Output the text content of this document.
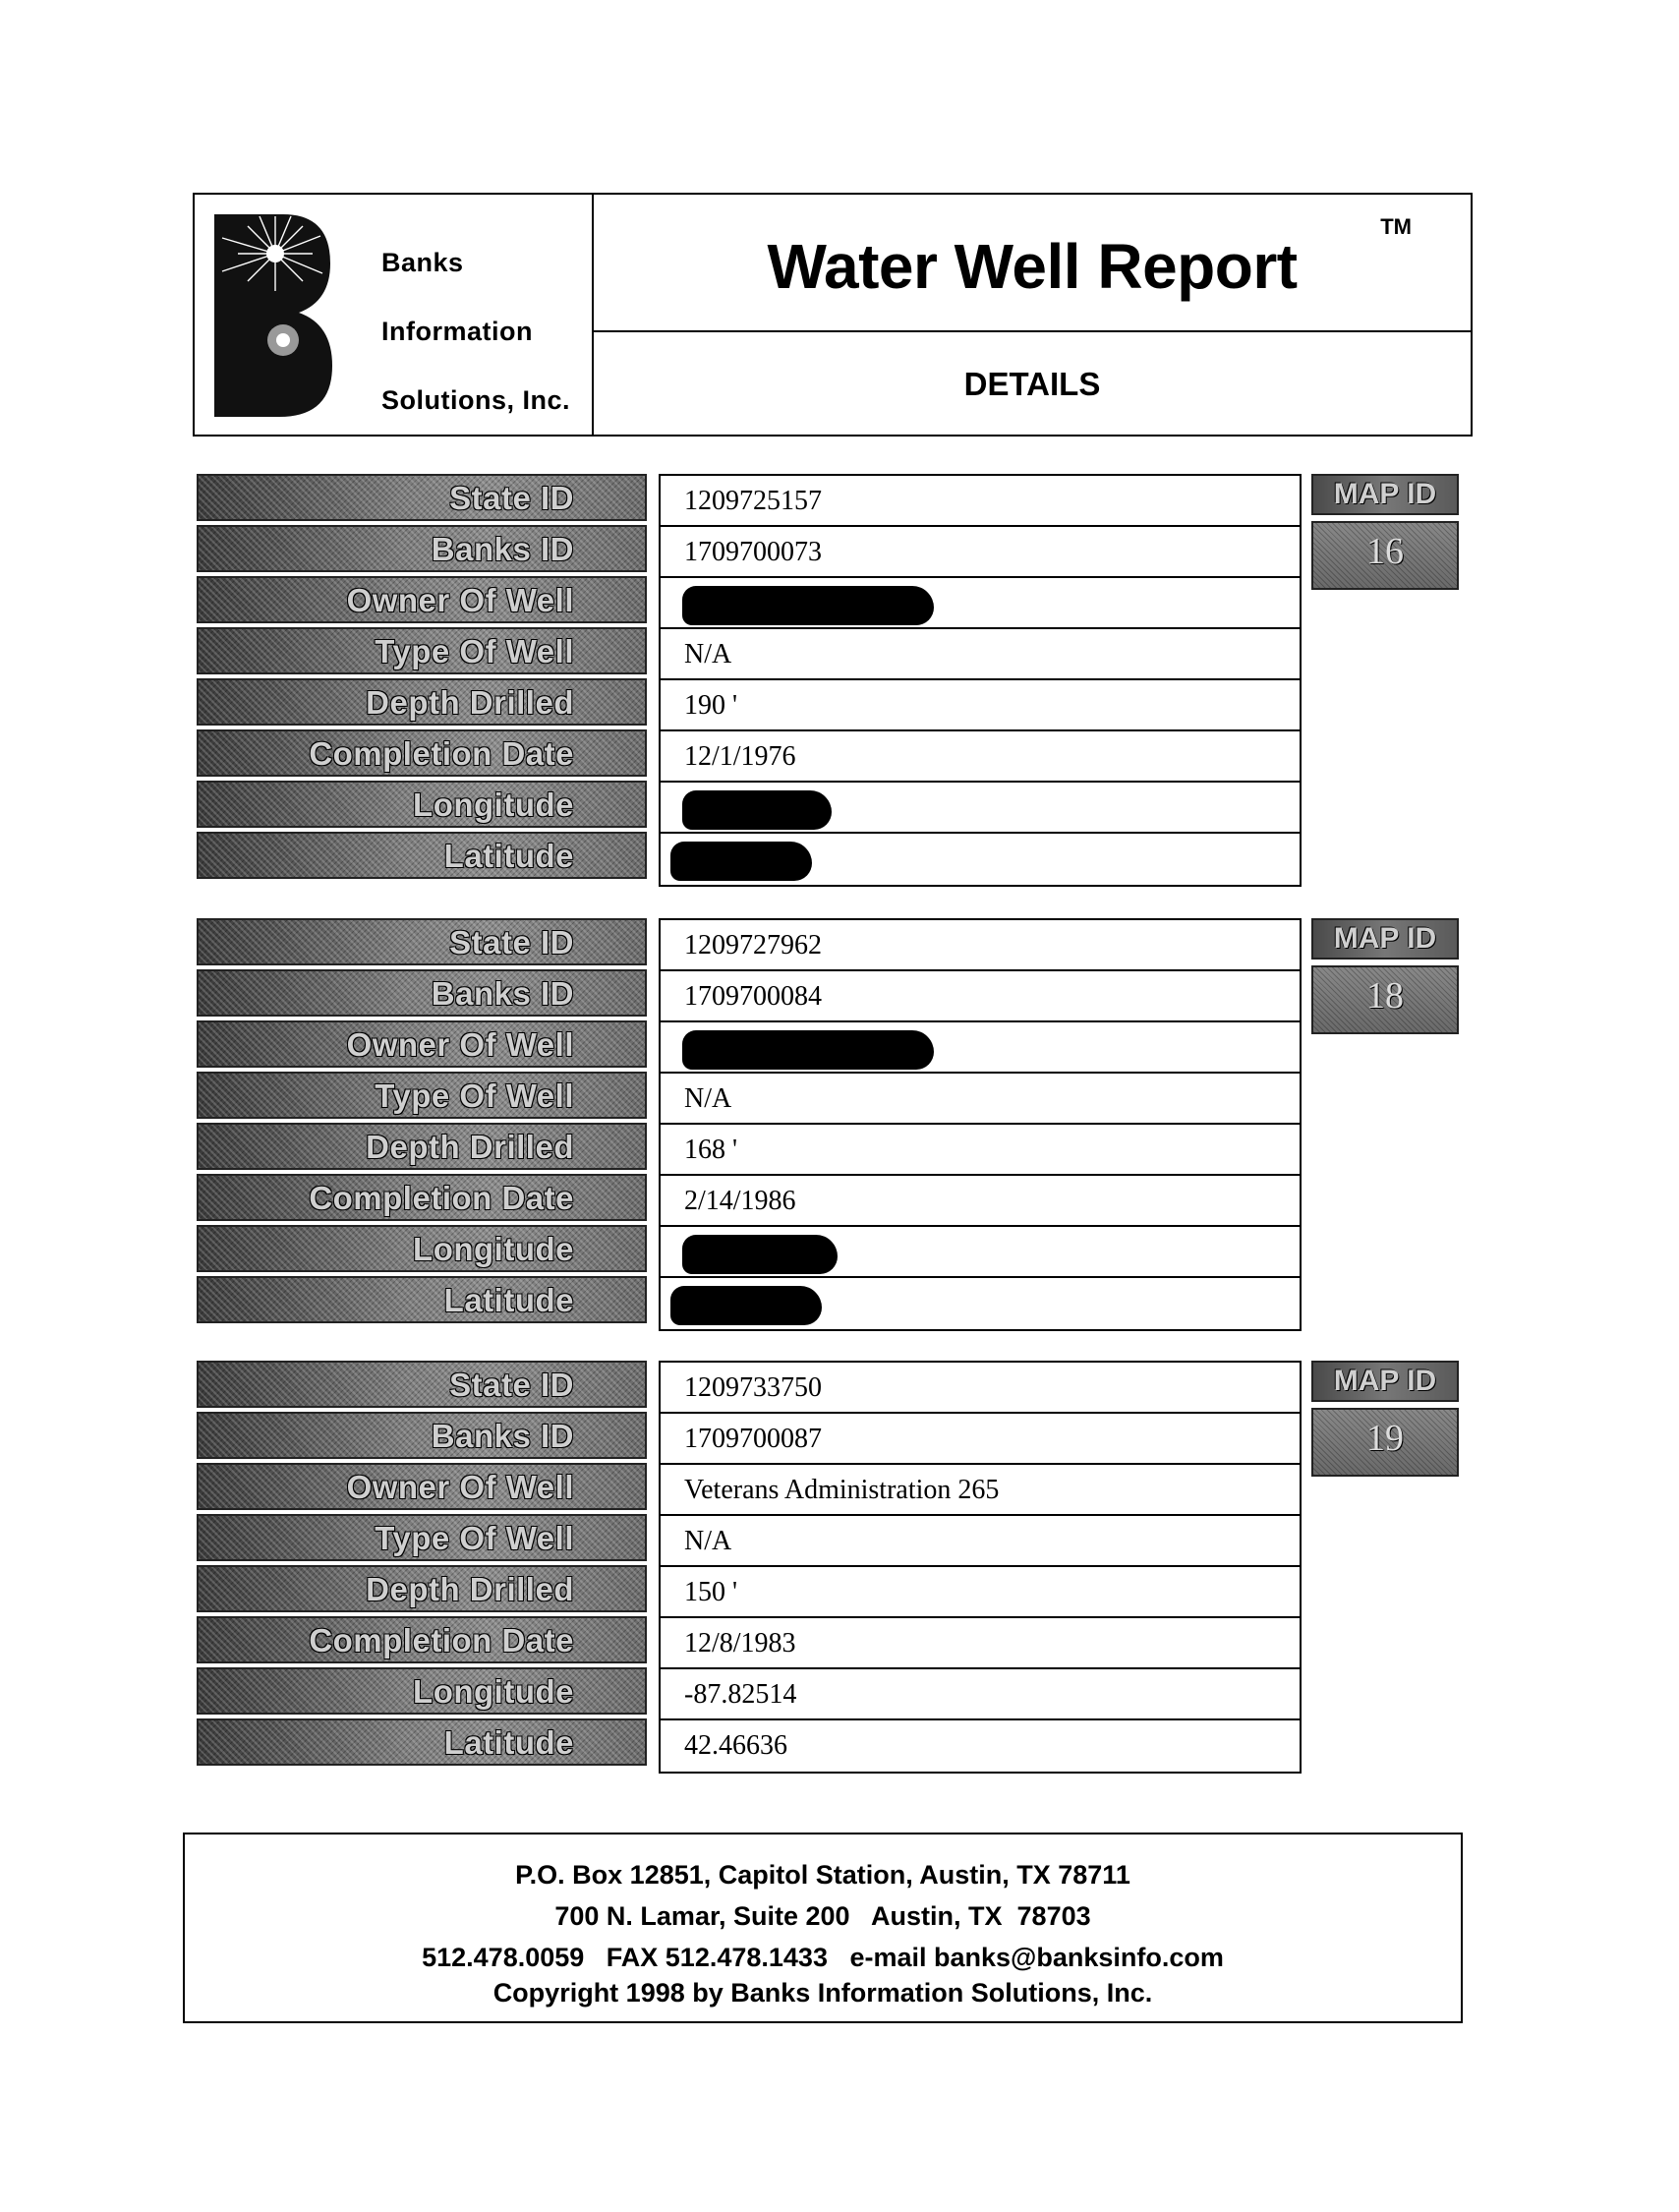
Banks
Information
Solutions, Inc.
Water Well Report
TM
DETAILS
State ID
Banks ID
Owner Of Well
Type Of Well
Depth Drilled
Completion Date
Longitude
Latitude
1209725157
1709700073
N/A
190 '
12/1/1976
MAP ID
16
State ID
Banks ID
Owner Of Well
Type Of Well
Depth Drilled
Completion Date
Longitude
Latitude
1209727962
1709700084
N/A
168 '
2/14/1986
MAP ID
18
State ID
Banks ID
Owner Of Well
Type Of Well
Depth Drilled
Completion Date
Longitude
Latitude
1209733750
1709700087
Veterans Administration 265
N/A
150 '
12/8/1983
-87.82514
42.46636
MAP ID
19
P.O. Box 12851, Capitol Station, Austin, TX 78711
700 N. Lamar, Suite 200   Austin, TX  78703
512.478.0059   FAX 512.478.1433   e-mail banks@banksinfo.com
Copyright 1998 by Banks Information Solutions, Inc.
